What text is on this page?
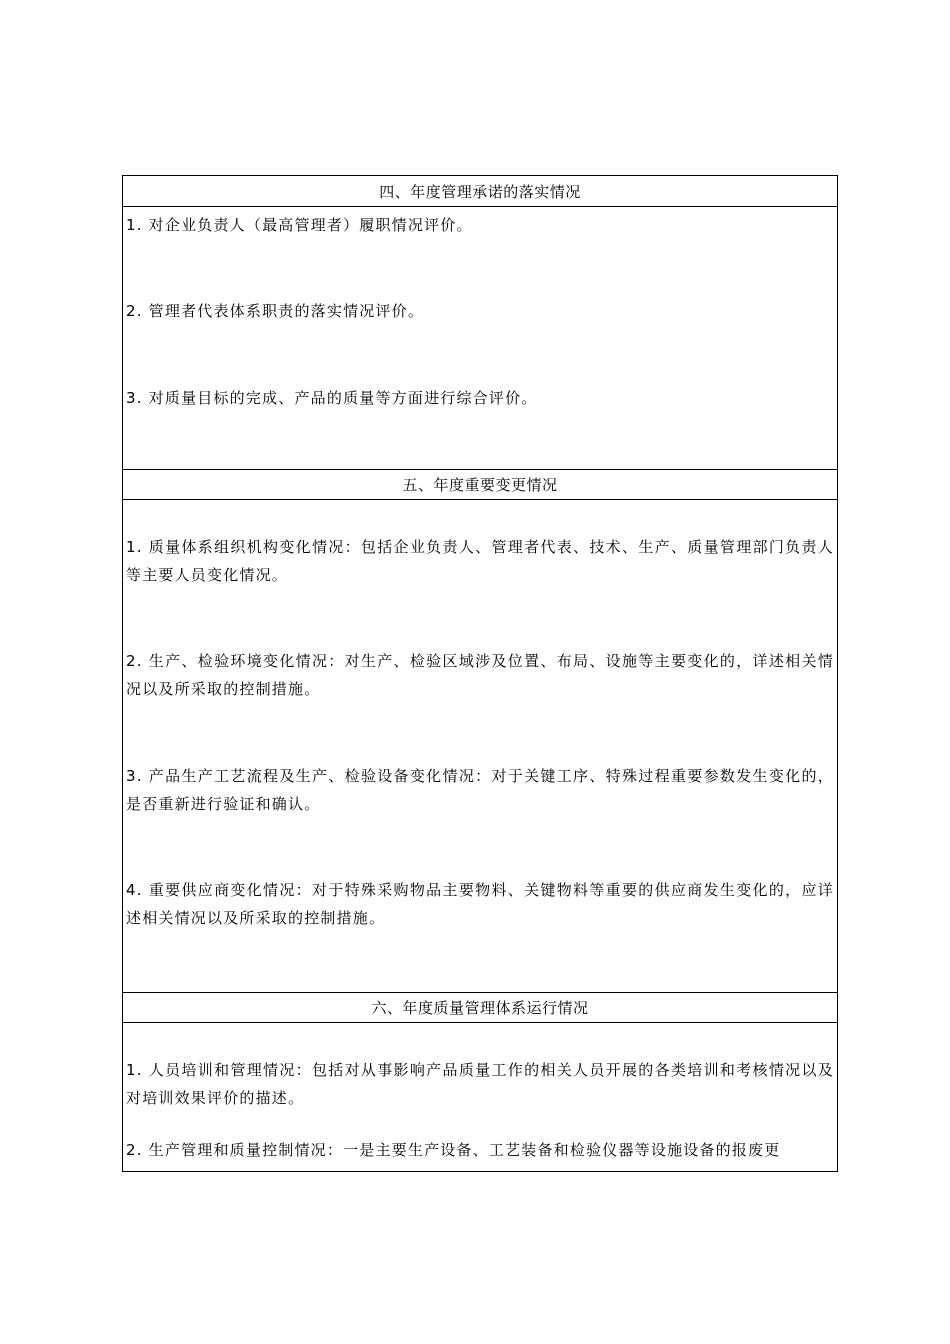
四、年度管理承诺的落实情况
1. 对企业负责人（最高管理者）履职情况评价。
2. 管理者代表体系职责的落实情况评价。
3. 对质量目标的完成、产品的质量等方面进行综合评价。
五、年度重要变更情况
1. 质量体系组织机构变化情况：包括企业负责人、管理者代表、技术、生产、质量管理部门负责人等主要人员变化情况。
2. 生产、检验环境变化情况：对生产、检验区域涉及位置、布局、设施等主要变化的，详述相关情况以及所采取的控制措施。
3. 产品生产工艺流程及生产、检验设备变化情况：对于关键工序、特殊过程重要参数发生变化的，是否重新进行验证和确认。
4. 重要供应商变化情况：对于特殊采购物品主要物料、关键物料等重要的供应商发生变化的，应详述相关情况以及所采取的控制措施。
六、年度质量管理体系运行情况
1. 人员培训和管理情况：包括对从事影响产品质量工作的相关人员开展的各类培训和考核情况以及对培训效果评价的描述。
2. 生产管理和质量控制情况：一是主要生产设备、工艺装备和检验仪器等设施设备的报废更
